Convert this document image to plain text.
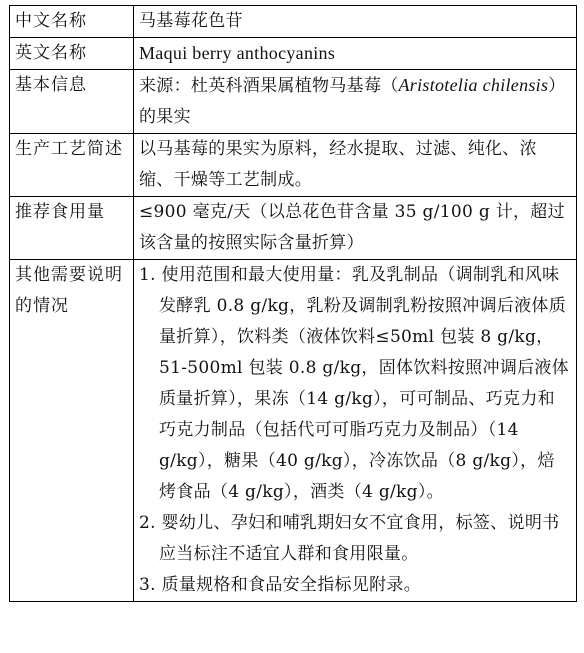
中文名称	马基莓花色苷
英文名称	Maqui berry anthocyanins
基本信息	来源：杜英科酒果属植物马基莓（Aristotelia chilensis）的果实
生产工艺简述	以马基莓的果实为原料，经水提取、过滤、纯化、浓缩、干燥等工艺制成。
推荐食用量	≤900 毫克/天（以总花色苷含量 35 g/100 g 计，超过该含量的按照实际含量折算）
其他需要说明的情况	1. 使用范围和最大使用量：乳及乳制品（调制乳和风味发酵乳 0.8 g/kg，乳粉及调制乳粉按照冲调后液体质量折算），饮料类（液体饮料≤50ml 包装 8 g/kg，51-500ml 包装 0.8 g/kg，固体饮料按照冲调后液体质量折算），果冻（14 g/kg），可可制品、巧克力和巧克力制品（包括代可可脂巧克力及制品）（14 g/kg），糖果（40 g/kg），冷冻饮品（8 g/kg），焙烤食品（4 g/kg），酒类（4 g/kg）。
2. 婴幼儿、孕妇和哺乳期妇女不宜食用，标签、说明书应当标注不适宜人群和食用限量。
3. 质量规格和食品安全指标见附录。
